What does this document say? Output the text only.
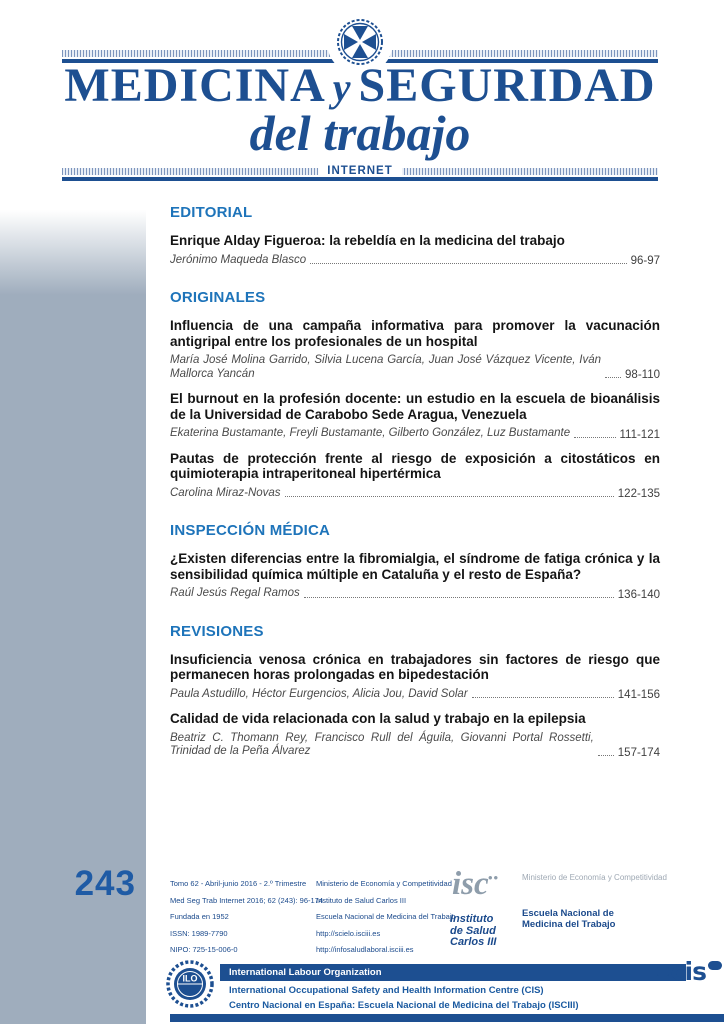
MEDICINA y SEGURIDAD
del trabajo
INTERNET
EDITORIAL

Enrique Alday Figueroa: la rebeldía en la medicina del trabajo

Jerónimo Maqueda Blasco	96-97
ORIGINALES

Influencia de una campaña informativa para promover la vacunación antigripal entre los profesionales de un hospital

María José Molina Garrido, Silvia Lucena García, Juan José Vázquez Vicente, Iván Mallorca Yancán	98-110

El burnout en la profesión docente: un estudio en la escuela de bioanálisis de la Universidad de Carabobo Sede Aragua, Venezuela

Ekaterina Bustamante, Freyli Bustamante, Gilberto González, Luz Bustamante	111-121

Pautas de protección frente al riesgo de exposición a citostáticos en quimioterapia intraperitoneal hipertérmica

Carolina Miraz-Novas	122-135
INSPECCIÓN MÉDICA

¿Existen diferencias entre la fibromialgia, el síndrome de fatiga crónica y la sensibilidad química múltiple en Cataluña y el resto de España?

Raúl Jesús Regal Ramos	136-140
REVISIONES

Insuficiencia venosa crónica en trabajadores sin factores de riesgo que permanecen horas prolongadas en bipedestación

Paula Astudillo, Héctor Eurgencios, Alicia Jou, David Solar	141-156

Calidad de vida relacionada con la salud y trabajo en la epilepsia

Beatriz C. Thomann Rey, Francisco Rull del Águila, Giovanni Portal Rossetti, Trinidad de la Peña Álvarez	157-174
243	Tomo 62 - Abril-junio 2016 - 2.º Trimestre
Med Seg Trab Internet 2016; 62 (243): 96-174
Fundada en 1952
ISSN: 1989-7790
NIPO: 725-15-006-0
Ministerio de Economía y Competitividad
Instituto de Salud Carlos III
Escuela Nacional de Medicina del Trabajo
http://scielo.isciii.es
http://infosaludlaboral.isciii.es
isc ••	Ministerio de Economía y Competitividad
Escuela Nacional de
Medicina del Trabajo
Instituto
de Salud
Carlos III
ILO
International Labour Organization
International Occupational Safety and Health Information Centre (CIS)
Centro Nacional en España: Escuela Nacional de Medicina del Trabajo (ISCIII)
cis
